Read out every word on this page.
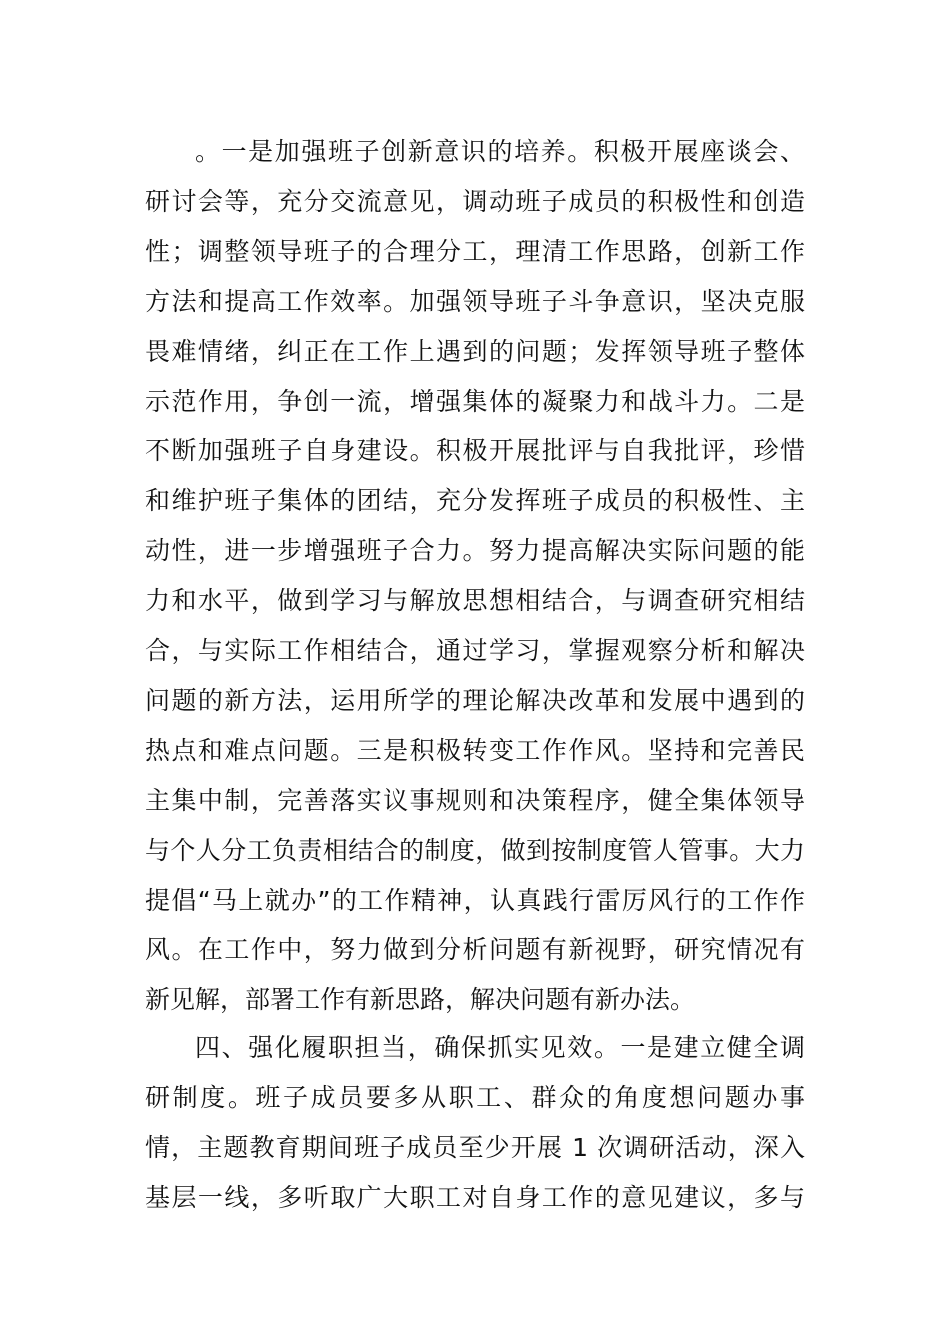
。一是加强班子创新意识的培养。积极开展座谈会、
研讨会等，充分交流意见，调动班子成员的积极性和创造
性；调整领导班子的合理分工，理清工作思路，创新工作
方法和提高工作效率。加强领导班子斗争意识，坚决克服
畏难情绪，纠正在工作上遇到的问题；发挥领导班子整体
示范作用，争创一流，增强集体的凝聚力和战斗力。二是
不断加强班子自身建设。积极开展批评与自我批评，珍惜
和维护班子集体的团结，充分发挥班子成员的积极性、主
动性，进一步增强班子合力。努力提高解决实际问题的能
力和水平，做到学习与解放思想相结合，与调查研究相结
合，与实际工作相结合，通过学习，掌握观察分析和解决
问题的新方法，运用所学的理论解决改革和发展中遇到的
热点和难点问题。三是积极转变工作作风。坚持和完善民
主集中制，完善落实议事规则和决策程序，健全集体领导
与个人分工负责相结合的制度，做到按制度管人管事。大力
提倡“马上就办”的工作精神，认真践行雷厉风行的工作作
风。在工作中，努力做到分析问题有新视野，研究情况有
新见解，部署工作有新思路，解决问题有新办法。
四、强化履职担当，确保抓实见效。一是建立健全调
研制度。班子成员要多从职工、群众的角度想问题办事
情，主题教育期间班子成员至少开展 1 次调研活动，深入
基层一线，多听取广大职工对自身工作的意见建议，多与
